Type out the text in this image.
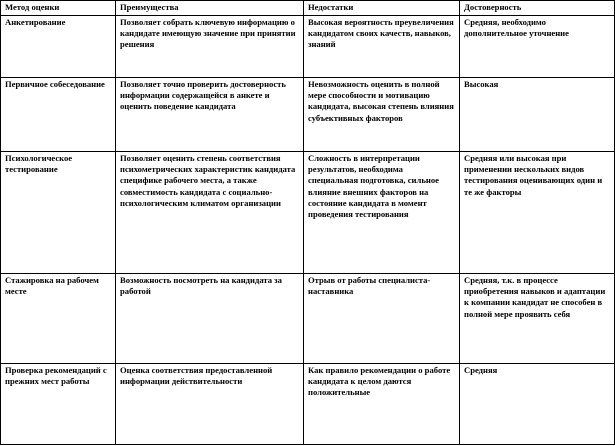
Метод оценки	Преимущества	Недостатки	Достоверность
Анкетирование	Позволяет собрать ключевую информацию о кандидате имеющую значение при принятии решения	Высокая вероятность преувеличения кандидатом своих качеств, навыков, знаний	Средняя, необходимо дополнительное уточнение
Первичное собеседование	Позволяет точно проверить достоверность информации содержащейся в анкете и оценить поведение кандидата	Невозможность оценить в полной мере способности и мотивацию кандидата, высокая степень влияния субъективных факторов	Высокая
Психологическое тестирование	Позволяет оценить степень соответствия психометрических характеристик кандидата специфике рабочего места, а также совместимость кандидата с социально-психологическим климатом организации	Сложность в интерпретации результатов, необходима специальная подготовка, сильное влияние внешних факторов на состояние кандидата в момент проведения тестирования	Средняя или высокая при применении нескольких видов тестирования оценивающих один и те же факторы
Стажировка на рабочем месте	Возможность посмотреть на кандидата за работой	Отрыв от работы специалиста-наставника	Средняя, т.к. в процессе приобретения навыков и адаптации к компании кандидат не способен в полной мере проявить себя
Проверка рекомендаций с прежних мест работы	Оценка соответствия предоставленной информации действительности	Как правило рекомендации о работе кандидата к целом даются положительные	Средняя
